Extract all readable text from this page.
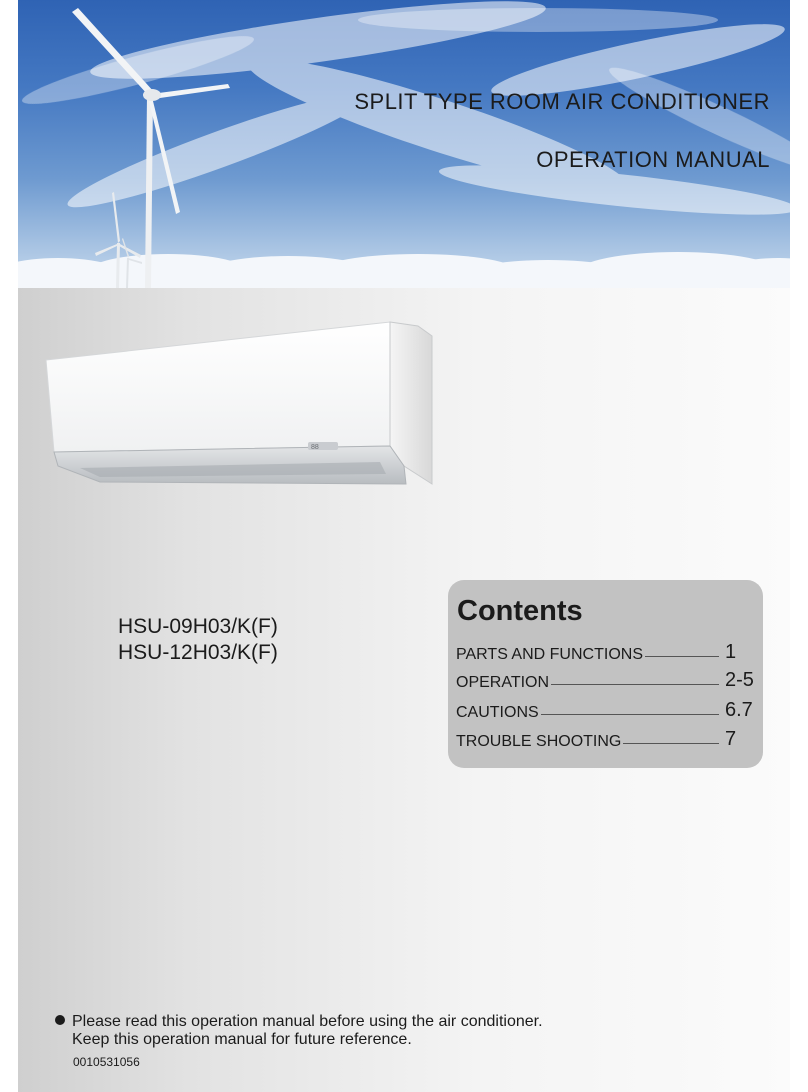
SPLIT TYPE ROOM AIR CONDITIONER
OPERATION MANUAL
88
HSU-09H03/K(F)
HSU-12H03/K(F)
Contents
PARTS AND FUNCTIONS	1
OPERATION	2-5
CAUTIONS	6.7
TROUBLE SHOOTING	7
Please read this operation manual before using the air conditioner.
Keep this operation manual for future reference.
0010531056
